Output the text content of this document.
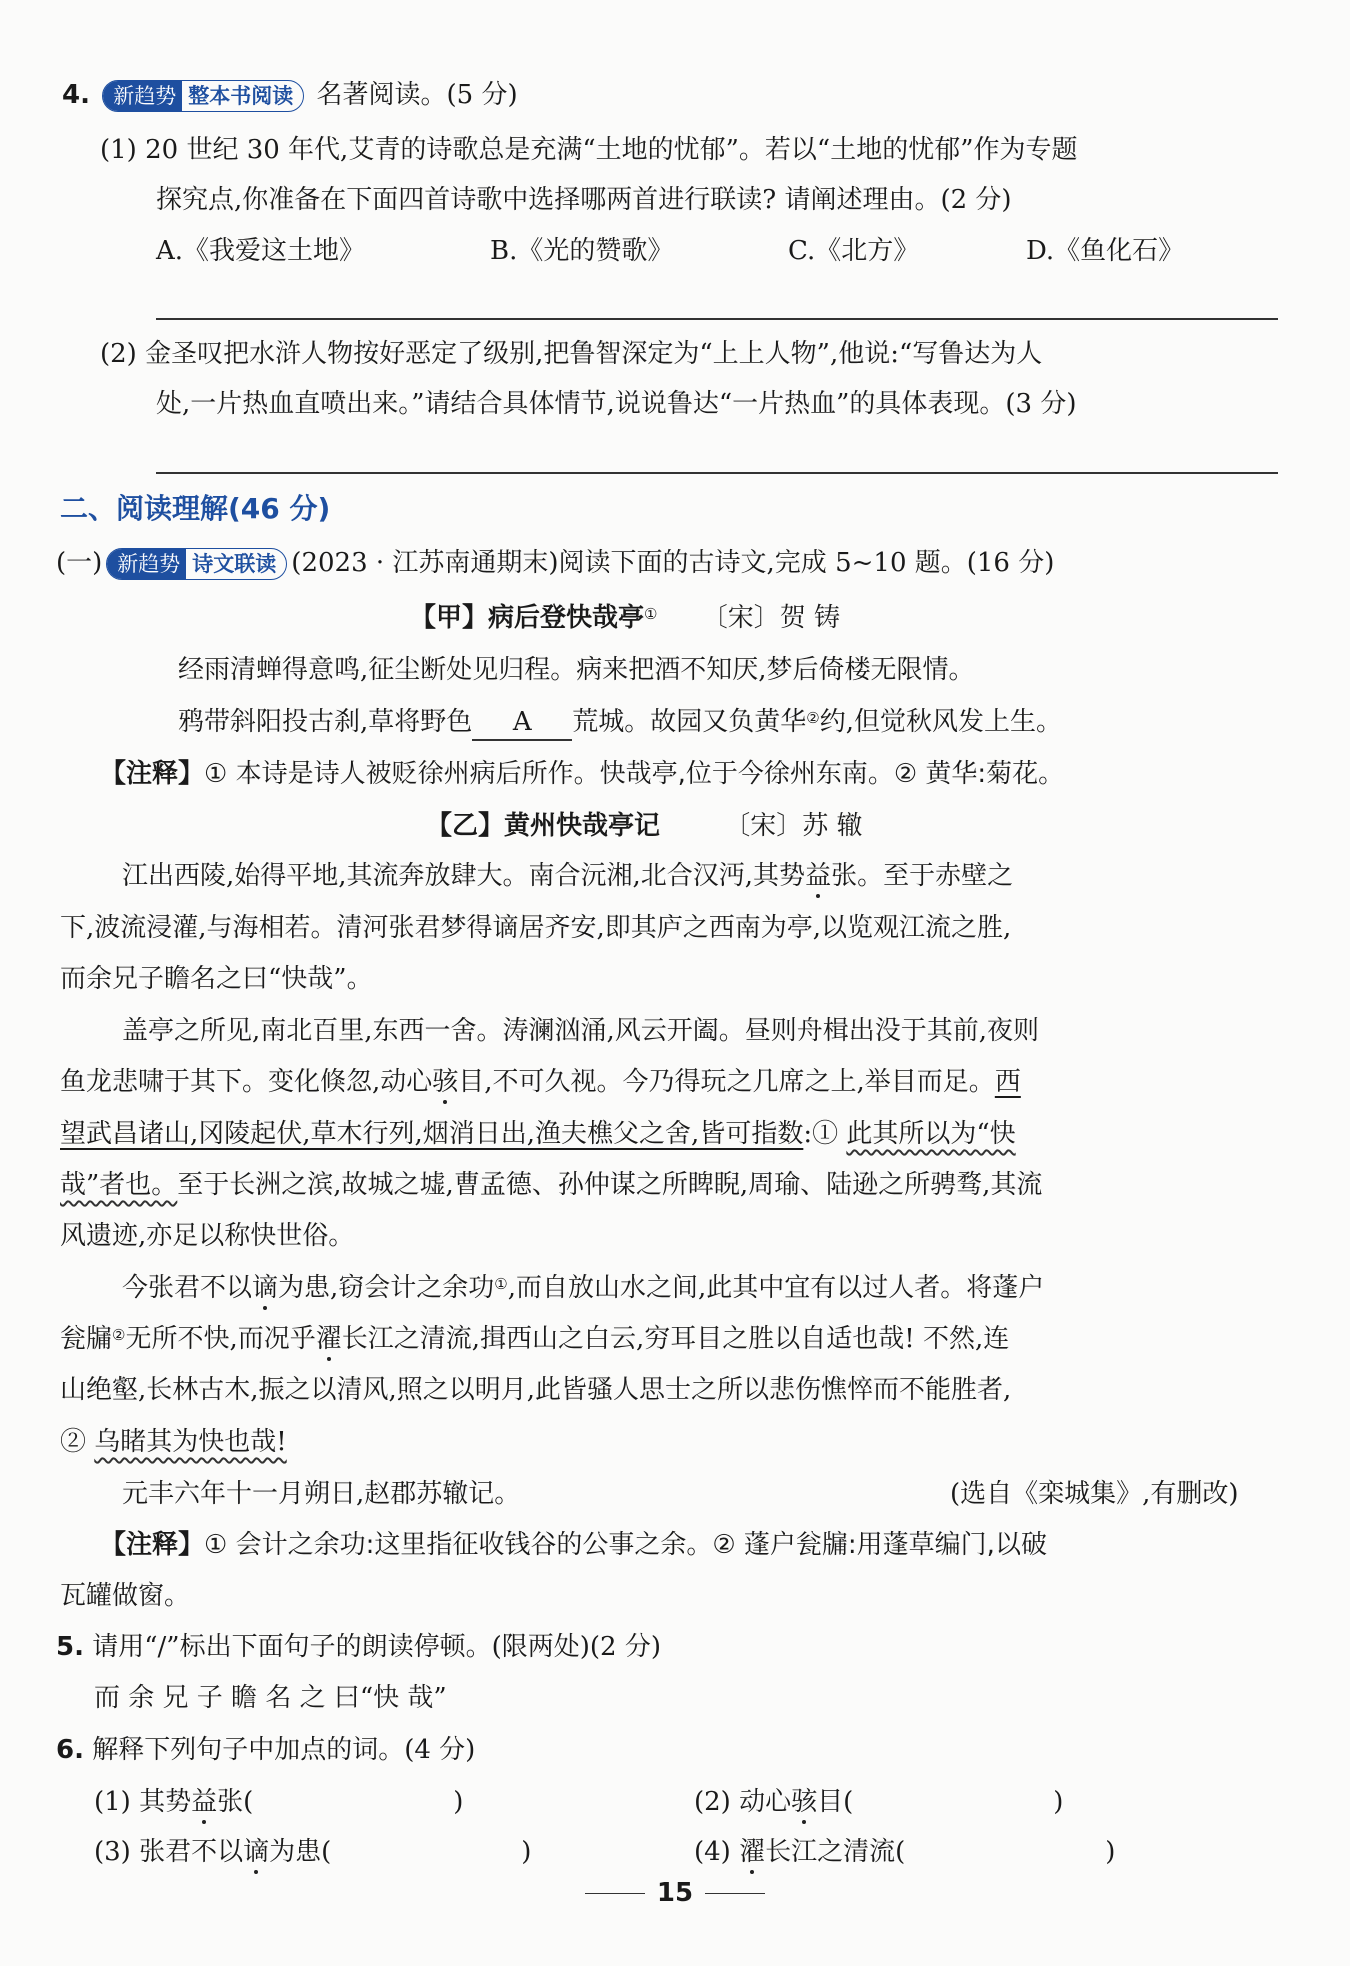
4. 新趋势 整本书阅读 名著阅读。(5 分)
(1) 20 世纪 30 年代,艾青的诗歌总是充满“土地的忧郁”。若以“土地的忧郁”作为专题
探究点,你准备在下面四首诗歌中选择哪两首进行联读? 请阐述理由。(2 分)
A.《我爱这土地》	B.《光的赞歌》	C.《北方》	D.《鱼化石》
(2) 金圣叹把水浒人物按好恶定了级别,把鲁智深定为“上上人物”,他说:“写鲁达为人
处,一片热血直喷出来。”请结合具体情节,说说鲁达“一片热血”的具体表现。(3 分)
二、阅读理解(46 分)
(一) 新趋势 诗文联读 (2023 · 江苏南通期末)阅读下面的古诗文,完成 5~10 题。(16 分)
【甲】病后登快哉亭① 〔宋〕贺 铸
经雨清蝉得意鸣,征尘断处见归程。病来把酒不知厌,梦后倚楼无限情。
鸦带斜阳投古刹,草将野色 A 荒城。故园又负黄华②约,但觉秋风发上生。
【注释】① 本诗是诗人被贬徐州病后所作。快哉亭,位于今徐州东南。② 黄华:菊花。
【乙】黄州快哉亭记 〔宋〕苏 辙
江出西陵,始得平地,其流奔放肆大。南合沅湘,北合汉沔,其势益张。至于赤壁之
下,波流浸灌,与海相若。清河张君梦得谪居齐安,即其庐之西南为亭,以览观江流之胜,
而余兄子瞻名之曰“快哉”。
盖亭之所见,南北百里,东西一舍。涛澜汹涌,风云开阖。昼则舟楫出没于其前,夜则
鱼龙悲啸于其下。变化倏忽,动心骇目,不可久视。今乃得玩之几席之上,举目而足。西
望武昌诸山,冈陵起伏,草木行列,烟消日出,渔夫樵父之舍,皆可指数:① 此其所以为“快
哉”者也。至于长洲之滨,故城之墟,曹孟德、孙仲谋之所睥睨,周瑜、陆逊之所骋骛,其流
风遗迹,亦足以称快世俗。
今张君不以谪为患,窃会计之余功①,而自放山水之间,此其中宜有以过人者。将蓬户
瓮牖②无所不快,而况乎濯长江之清流,揖西山之白云,穷耳目之胜以自适也哉! 不然,连
山绝壑,长林古木,振之以清风,照之以明月,此皆骚人思士之所以悲伤憔悴而不能胜者,
② 乌睹其为快也哉!
元丰六年十一月朔日,赵郡苏辙记。	(选自《栾城集》,有删改)
【注释】① 会计之余功:这里指征收钱谷的公事之余。② 蓬户瓮牖:用蓬草编门,以破
瓦罐做窗。
5. 请用“/”标出下面句子的朗读停顿。(限两处)(2 分)
而 余 兄 子 瞻 名 之 曰“快 哉”
6. 解释下列句子中加点的词。(4 分)
(1) 其势益张(	)	(2) 动心骇目(	)
(3) 张君不以谪为患(	)	(4) 濯长江之清流(	)
15
